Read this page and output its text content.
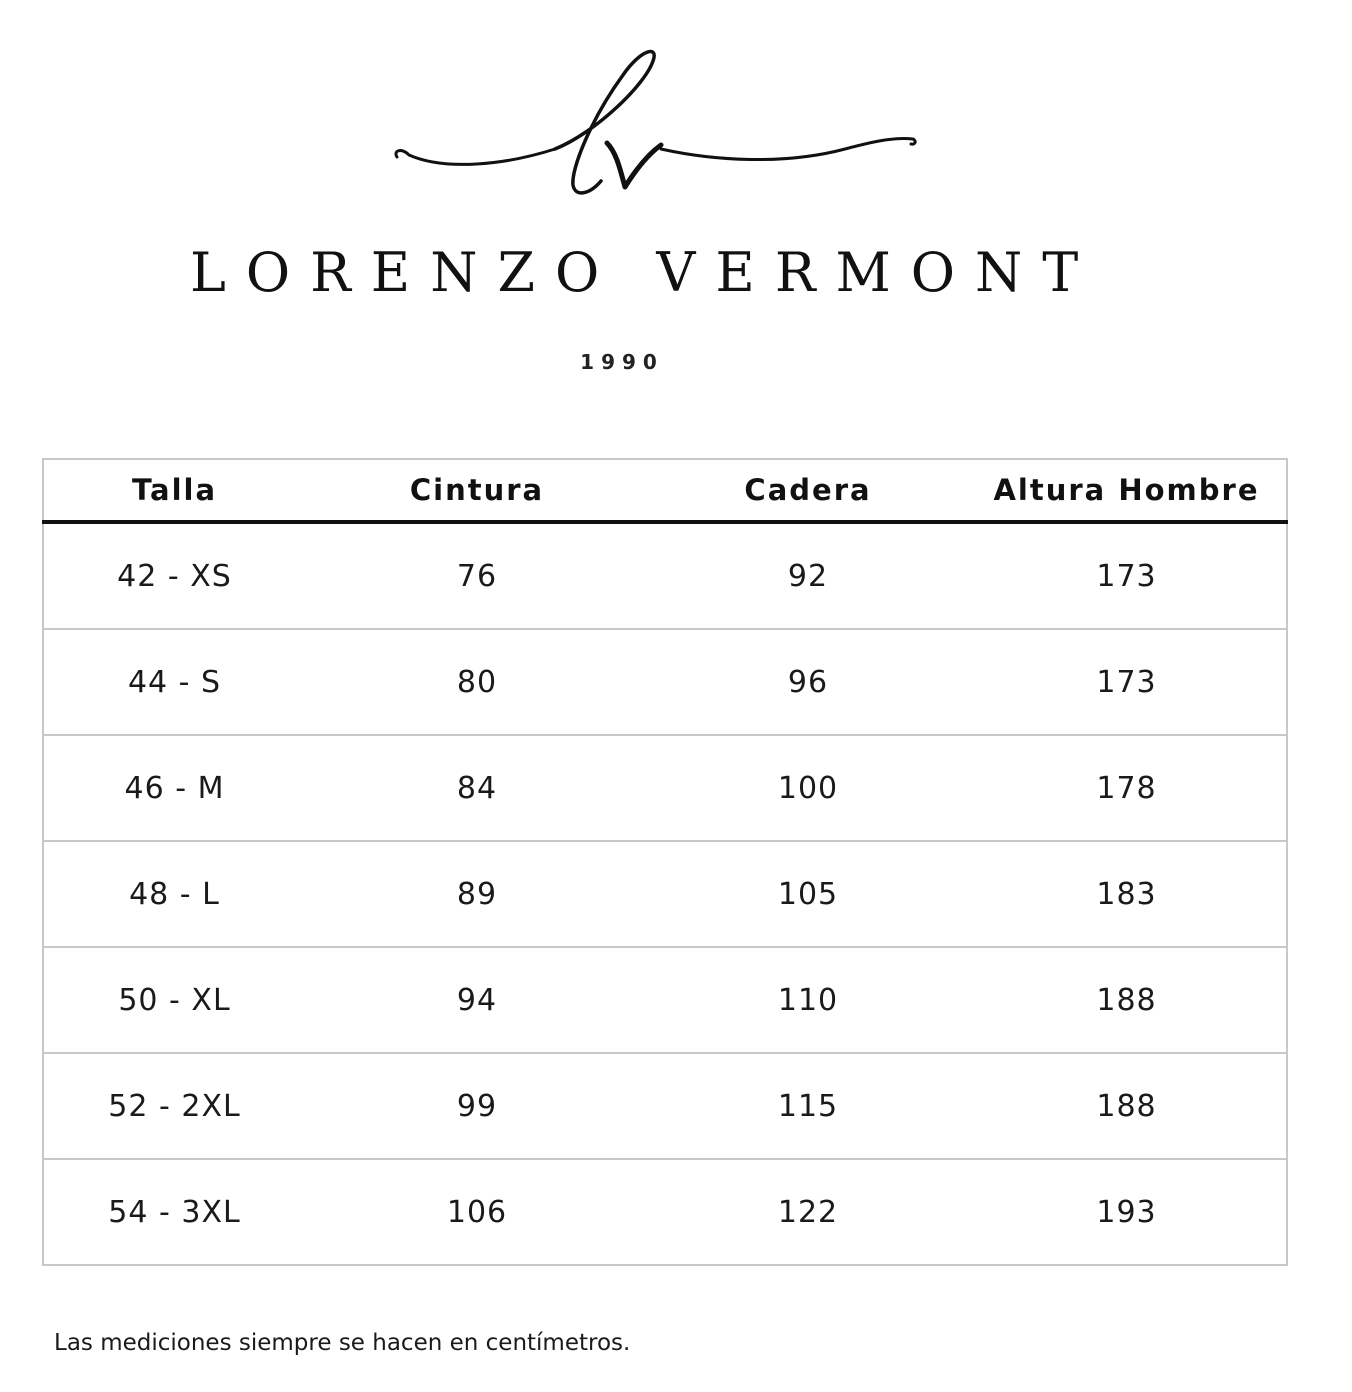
LORENZO VERMONT
1990
Talla	Cintura	Cadera	Altura Hombre
42 - XS	76	92	173
44 - S	80	96	173
46 - M	84	100	178
48 - L	89	105	183
50 - XL	94	110	188
52 - 2XL	99	115	188
54 - 3XL	106	122	193
Las mediciones siempre se hacen en centímetros.
